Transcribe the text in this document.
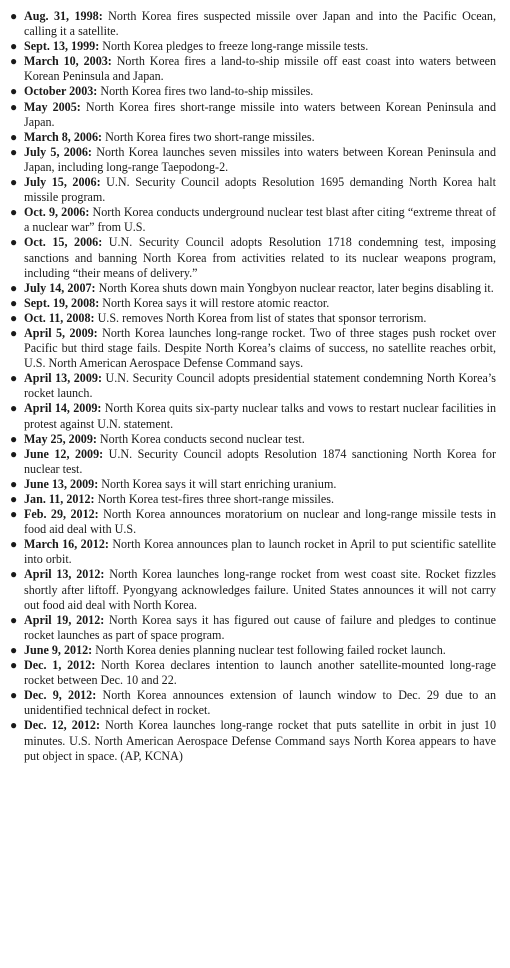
● Aug. 31, 1998: North Korea fires suspected missile over Japan and into the Pacific Ocean, calling it a satellite.
● Sept. 13, 1999: North Korea pledges to freeze long-range missile tests.
● March 10, 2003: North Korea fires a land-to-ship missile off east coast into waters between Korean Peninsula and Japan.
● October 2003: North Korea fires two land-to-ship missiles.
● May 2005: North Korea fires short-range missile into waters between Korean Peninsula and Japan.
● March 8, 2006: North Korea fires two short-range missiles.
● July 5, 2006: North Korea launches seven missiles into waters between Korean Peninsula and Japan, including long-range Taepodong-2.
● July 15, 2006: U.N. Security Council adopts Resolution 1695 demanding North Korea halt missile program.
● Oct. 9, 2006: North Korea conducts underground nuclear test blast after citing “extreme threat of a nuclear war” from U.S.
● Oct. 15, 2006: U.N. Security Council adopts Resolution 1718 condemning test, imposing sanctions and banning North Korea from activities related to its nuclear weapons program, including “their means of delivery.”
● July 14, 2007: North Korea shuts down main Yongbyon nuclear reactor, later begins disabling it.
● Sept. 19, 2008: North Korea says it will restore atomic reactor.
● Oct. 11, 2008: U.S. removes North Korea from list of states that sponsor terrorism.
● April 5, 2009: North Korea launches long-range rocket. Two of three stages push rocket over Pacific but third stage fails. Despite North Korea’s claims of success, no satellite reaches orbit, U.S. North American Aerospace Defense Command says.
● April 13, 2009: U.N. Security Council adopts presidential statement condemning North Korea’s rocket launch.
● April 14, 2009: North Korea quits six-party nuclear talks and vows to restart nuclear facilities in protest against U.N. statement.
● May 25, 2009: North Korea conducts second nuclear test.
● June 12, 2009: U.N. Security Council adopts Resolution 1874 sanctioning North Korea for nuclear test.
● June 13, 2009: North Korea says it will start enriching uranium.
● Jan. 11, 2012: North Korea test-fires three short-range missiles.
● Feb. 29, 2012: North Korea announces moratorium on nuclear and long-range missile tests in food aid deal with U.S.
● March 16, 2012: North Korea announces plan to launch rocket in April to put scientific satellite into orbit.
● April 13, 2012: North Korea launches long-range rocket from west coast site. Rocket fizzles shortly after liftoff. Pyongyang acknowledges failure. United States announces it will not carry out food aid deal with North Korea.
● April 19, 2012: North Korea says it has figured out cause of failure and pledges to continue rocket launches as part of space program.
● June 9, 2012: North Korea denies planning nuclear test following failed rocket launch.
● Dec. 1, 2012: North Korea declares intention to launch another satellite-mounted long-rage rocket between Dec. 10 and 22.
● Dec. 9, 2012: North Korea announces extension of launch window to Dec. 29 due to an unidentified technical defect in rocket.
● Dec. 12, 2012: North Korea launches long-range rocket that puts satellite in orbit in just 10 minutes. U.S. North American Aerospace Defense Command says North Korea appears to have put object in space. (AP, KCNA)
